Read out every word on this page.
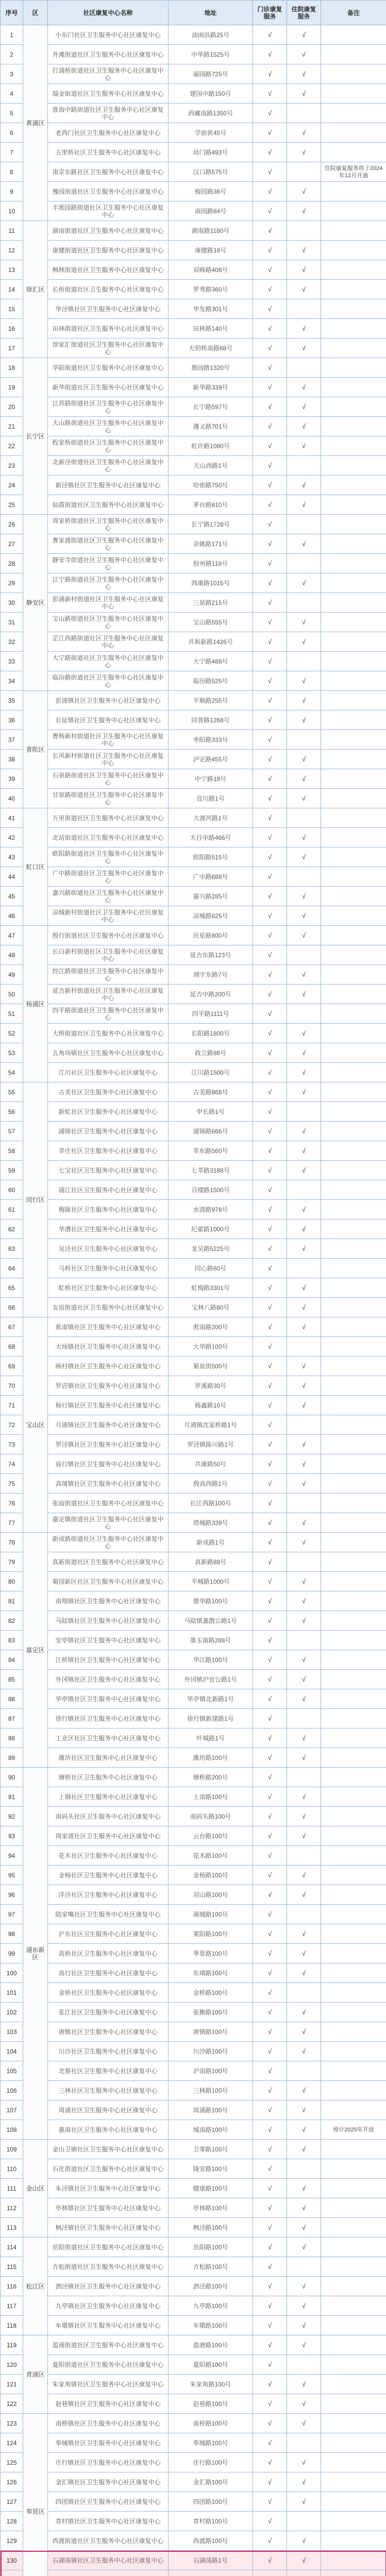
序号	区	社区康复中心名称	地址	门诊康复服务	住院康复服务	备注
1	黄浦区	小东门社区卫生服务中心社区康复中心	油雨浜路25号	√	√	
2		外滩街道社区卫生服务中心社区康复中心	中华路1525号	√	√	
3		打浦桥街道社区卫生服务中心社区康复中心	丽园路725号	√	√	
4		瑞金街道社区卫生服务中心社区康复中心	建国中路150号	√	√	
5		淮海中路街道社区卫生服务中心社区康复中心	西藏南路1350号	√		
6		老西门社区卫生服务中心社区康复中心	学前街45号	√	√	
7		五里桥社区卫生服务中心社区康复中心	局门路493号	√	√	
8		南京东路社区卫生服务中心社区康复中心	汉口路575号	√		住院康复服务将于2024年12月开通
9		豫园街道社区卫生服务中心社区康复中心	梅园路36号	√	√	
10		半淞园路街道社区卫生服务中心社区康复中心	南园路84号	√	√	
11	徐汇区	湖南街道社区卫生服务中心社区康复中心	湖南路1180号	√		
12		康健街道社区卫生服务中心社区康复中心	康健路18号	√	√	
13		枫林街道社区卫生服务中心社区康复中心	双峰路408号	√	√	
14		长桥街道社区卫生服务中心社区康复中心	罗秀路360号	√	√	
15		华泾镇社区卫生服务中心社区康复中心	华发路301号	√		
16		田林街道社区卫生服务中心社区康复中心	田林路140号	√	√	
17		徐家汇街道社区卫生服务中心社区康复中心	天钥桥南路68号	√	√	
18	长宁区	华阳街道社区卫生服务中心社区康复中心	愚园路1320号	√		
19		新华街道社区卫生服务中心社区康复中心	新华路339号	√	√	
20		江苏路街道社区卫生服务中心社区康复中心	长宁路597号	√	√	
21		天山路街道社区卫生服务中心社区康复中心	遵义路701号	√	√	
22		程家桥街道社区卫生服务中心社区康复中心	虹许路1080号	√	√	
23		北新泾街道社区卫生服务中心社区康复中心	天山西路1号	√		
24		新泾镇社区卫生服务中心社区康复中心	哈密路750号	√	√	
25		仙霞街道社区卫生服务中心社区康复中心	茅台路810号	√	√	
26	静安区	周家桥街道社区卫生服务中心社区康复中心	长宁路1728号	√		
27		曹家渡街道社区卫生服务中心社区康复中心	余姚路171号	√	√	
28		静安寺街道社区卫生服务中心社区康复中心	胶州路118号	√		
29		江宁路街道社区卫生服务中心社区康复中心	西康路1015号	√	√	
30		彭浦新村街道社区卫生服务中心社区康复中心	三泉路215号	√		
31		宝山路街道社区卫生服务中心社区康复中心	宝山路555号	√	√	
32		芷江西路街道社区卫生服务中心社区康复中心	共和新路1426号	√	√	
33		大宁路街道社区卫生服务中心社区康复中心	大宁路488号	√		
34		临汾路街道社区卫生服务中心社区康复中心	临汾路525号	√	√	
35	普陀区	彭浦镇社区卫生服务中心社区康复中心	平顺路255号	√	√	
36		长征镇社区卫生服务中心社区康复中心	同普路1268号	√	√	
37		曹杨新村街道社区卫生服务中心社区康复中心	枣阳路333号	√		
38		长风新村街道社区卫生服务中心社区康复中心	泸定路455号	√	√	
39		石泉路街道社区卫生服务中心社区康复中心	中宁路18号	√	√	
40		甘泉路街道社区卫生服务中心社区康复中心	宜川路1号	√	√	
41	虹口区	万里街道社区卫生服务中心社区康复中心	大渡河路1号	√		
42		北站街道社区卫生服务中心社区康复中心	天目中路466号	√	√	
43		欧阳路街道社区卫生服务中心社区康复中心	欧阳路515号	√	√	
44		广中路街道社区卫生服务中心社区康复中心	广中路688号	√		
45		嘉兴路街道社区卫生服务中心社区康复中心	嘉兴路285号	√	√	
46		凉城新村街道社区卫生服务中心社区康复中心	凉城路825号	√	√	
47	杨浦区	殷行街道社区卫生服务中心社区康复中心	民星路800号	√	√	
48		长白新村街道社区卫生服务中心社区康复中心	延吉东路123号	√		
49		控江路街道社区卫生服务中心社区康复中心	靖宇东路7号	√	√	
50		延吉新村街道社区卫生服务中心社区康复中心	延吉中路200号	√	√	
51		四平路街道社区卫生服务中心社区康复中心	四平路1111号	√		
52		大桥街道社区卫生服务中心社区康复中心	长阳路1800号	√	√	
53		五角场镇社区卫生服务中心社区康复中心	政立路86号	√	√	
54		江川社区卫生服务中心社区康复中心	江川路1500号	√	√	
55	闵行区	古美社区卫生服务中心社区康复中心	古美路868号	√	√	
56		新虹社区卫生服务中心社区康复中心	申长路1号	√		
57		浦锦社区卫生服务中心社区康复中心	浦锦路666号	√	√	
58		莘庄社区卫生服务中心社区康复中心	莘东路560号	√	√	
59		七宝社区卫生服务中心社区康复中心	七莘路3188号	√	√	
60		浦江社区卫生服务中心社区康复中心	召楼路1500号	√		
61		梅陇社区卫生服务中心社区康复中心	水清路978号	√	√	
62		华漕社区卫生服务中心社区康复中心	纪翟路1000号	√	√	
63		吴泾社区卫生服务中心社区康复中心	龙吴路5225号	√	√	
64		马桥社区卫生服务中心社区康复中心	同心路60号	√		
65		虹桥社区卫生服务中心社区康复中心	虹梅路3301号	√	√	
66		友谊街道社区卫生服务中心社区康复中心	宝林八路80号	√	√	
67	宝山区	淞南镇社区卫生服务中心社区康复中心	淞南路200号	√	√	
68		大场镇社区卫生服务中心社区康复中心	大华路100号	√		
69		顾村镇社区卫生服务中心社区康复中心	菊泉街500号	√	√	
70		罗店镇社区卫生服务中心社区康复中心	罗溪路30号	√	√	
71		杨行镇社区卫生服务中心社区康复中心	杨鑫路10号	√	√	
72		月浦镇社区卫生服务中心社区康复中心	月浦镇沈家桥路1号	√		
73		罗泾镇社区卫生服务中心社区康复中心	罗泾镇陈川路1号	√	√	
74		庙行镇社区卫生服务中心社区康复中心	共康路50号	√	√	
75		高境镇社区卫生服务中心社区康复中心	殷高西路1号	√	√	
76		张庙街道社区卫生服务中心社区康复中心	长江西路100号	√		
77		嘉定镇街道社区卫生服务中心社区康复中心	塔城路339号	√	√	
78	嘉定区	新成路街道社区卫生服务中心社区康复中心	新成路1号	√	√	
79		真新街道社区卫生服务中心社区康复中心	真新路88号	√		
80		菊园新区社区卫生服务中心社区康复中心	平城路1000号	√	√	
81		南翔镇社区卫生服务中心社区康复中心	德华路100号	√	√	
82		马陆镇社区卫生服务中心社区康复中心	马陆镇嘉戬公路1号	√	√	
83		安亭镇社区卫生服务中心社区康复中心	墨玉南路288号	√		
84		江桥镇社区卫生服务中心社区康复中心	华江路100号	√	√	
85		外冈镇社区卫生服务中心社区康复中心	外冈镇沪宜公路1号	√	√	
86		华亭镇社区卫生服务中心社区康复中心	华亭镇北新路1号	√	√	
87		徐行镇社区卫生服务中心社区康复中心	徐行镇新建路1号	√		
88		工业区社区卫生服务中心社区康复中心	叶城路1号	√	√	
89		潍坊社区卫生服务中心社区康复中心	潍坊路100号	√	√	
90	浦东新区	塘桥社区卫生服务中心社区康复中心	塘桥路200号	√		
91		上钢社区卫生服务中心社区康复中心	上南路100号	√	√	
92		南码头社区卫生服务中心社区康复中心	南码头路100号	√	√	
93		周家渡社区卫生服务中心社区康复中心	云台路100号	√	√	
94		花木社区卫生服务中心社区康复中心	花木路100号	√		
95		金杨社区卫生服务中心社区康复中心	金杨路100号	√	√	
96		洋泾社区卫生服务中心社区康复中心	羽山路100号	√	√	
97		陆家嘴社区卫生服务中心社区康复中心	浦城路100号	√		
98		沪东社区卫生服务中心社区康复中心	莱阳路100号	√	√	
99		高桥社区卫生服务中心社区康复中心	季景路100号	√	√	
100		高行社区卫生服务中心社区康复中心	东靖路100号	√	√	
101		金桥社区卫生服务中心社区康复中心	金桥路100号	√		
102		张江社区卫生服务中心社区康复中心	张衡路100号	√	√	
103		唐镇社区卫生服务中心社区康复中心	唐镇路100号	√	√	
104		川沙社区卫生服务中心社区康复中心	川沙路100号	√	√	
105		北蔡社区卫生服务中心社区康复中心	沪南路100号	√		
106		三林社区卫生服务中心社区康复中心	三林路100号	√	√	
107		周浦社区卫生服务中心社区康复中心	周浦路100号	√	√	
108		惠南社区卫生服务中心社区康复中心	城南路100号	√	√	预计2025年开放
109	金山区	金山卫镇社区卫生服务中心社区康复中心	卫零路100号	√	√	
110		石化街道社区卫生服务中心社区康复中心	隆安路100号	√		
111		朱泾镇社区卫生服务中心社区康复中心	健康路100号	√	√	
112		亭林镇社区卫生服务中心社区康复中心	亭林路100号	√	√	
113		枫泾镇社区卫生服务中心社区康复中心	枫泾路100号	√	√	
114	松江区	岳阳街道社区卫生服务中心社区康复中心	岳阳路100号	√	√	
115		方松街道社区卫生服务中心社区康复中心	方松路100号	√		
116		泗泾镇社区卫生服务中心社区康复中心	泗泾路100号	√	√	
117		九亭镇社区卫生服务中心社区康复中心	九亭路100号	√	√	
118		车墩镇社区卫生服务中心社区康复中心	车墩路100号	√	√	
119	青浦区	盈浦街道社区卫生服务中心社区康复中心	盈港路100号	√	√	
120		夏阳街道社区卫生服务中心社区康复中心	夏阳路100号	√		
121		朱家角镇社区卫生服务中心社区康复中心	朱家角路100号	√	√	
122		赵巷镇社区卫生服务中心社区康复中心	赵巷路100号	√	√	
123	奉贤区	南桥镇社区卫生服务中心社区康复中心	南桥路100号	√	√	
124		奉城镇社区卫生服务中心社区康复中心	奉城路100号	√		
125		庄行镇社区卫生服务中心社区康复中心	庄行路100号	√	√	
126		金汇镇社区卫生服务中心社区康复中心	金汇路100号	√	√	
127		四团镇社区卫生服务中心社区康复中心	四团路100号	√	√	
128		青村镇社区卫生服务中心社区康复中心	青村路100号	√		
129		西渡街道社区卫生服务中心社区康复中心	西渡路100号	√	√	
130		石湖荡镇社区卫生服务中心社区康复中心	石湖荡路1号	√	√	
